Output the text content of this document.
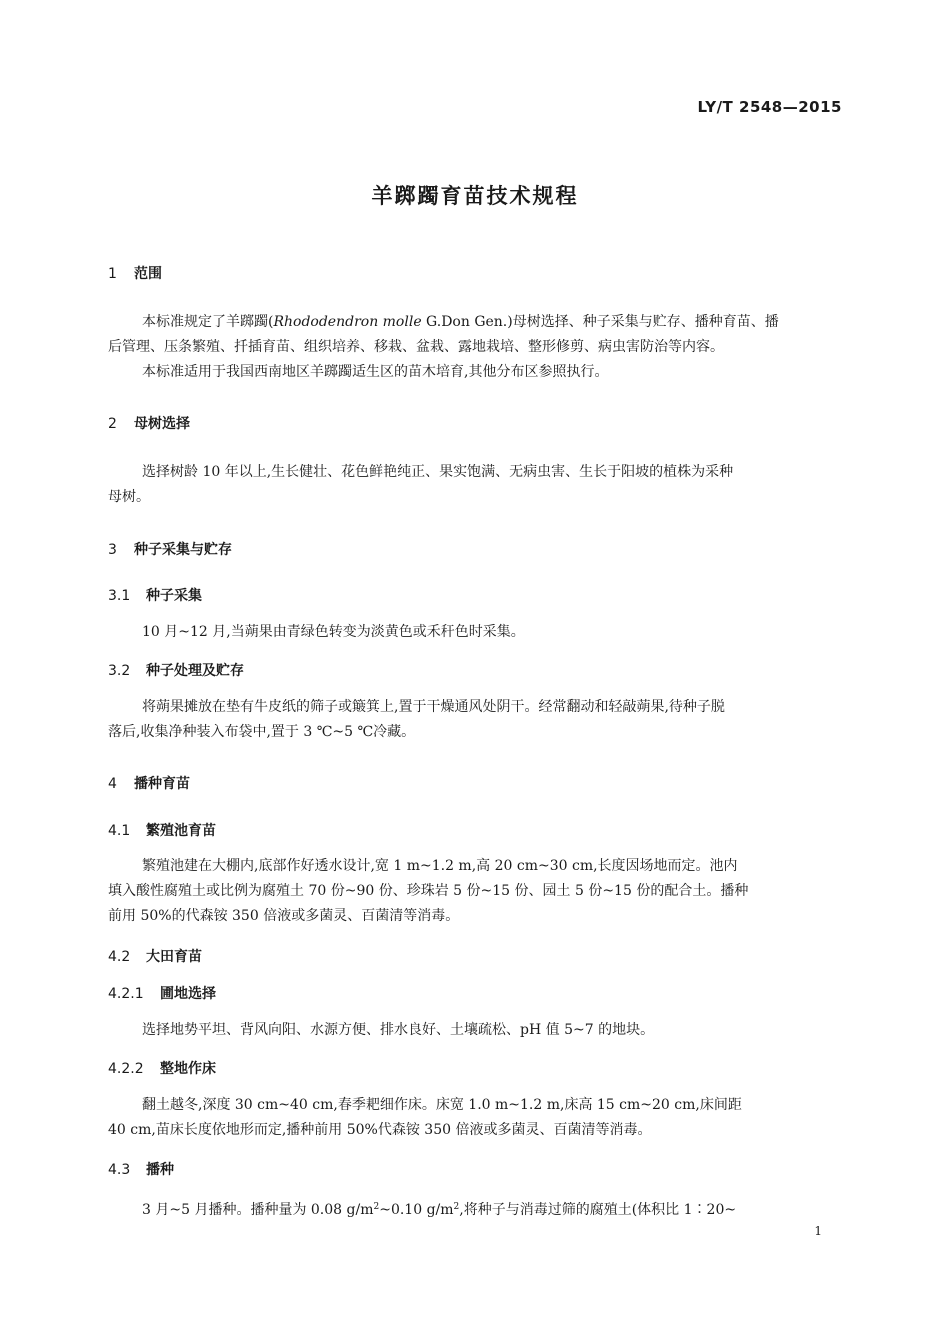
LY/T 2548—2015
羊踯躅育苗技术规程
1 范围
本标准规定了羊踯躅(Rhododendron molle G.Don Gen.)母树选择、种子采集与贮存、播种育苗、播
后管理、压条繁殖、扦插育苗、组织培养、移栽、盆栽、露地栽培、整形修剪、病虫害防治等内容。
本标准适用于我国西南地区羊踯躅适生区的苗木培育,其他分布区参照执行。
2 母树选择
选择树龄 10 年以上,生长健壮、花色鲜艳纯正、果实饱满、无病虫害、生长于阳坡的植株为采种
母树。
3 种子采集与贮存
3.1 种子采集
10 月~12 月,当蒴果由青绿色转变为淡黄色或禾秆色时采集。
3.2 种子处理及贮存
将蒴果摊放在垫有牛皮纸的筛子或簸箕上,置于干燥通风处阴干。经常翻动和轻敲蒴果,待种子脱
落后,收集净种装入布袋中,置于 3 ℃~5 ℃冷藏。
4 播种育苗
4.1 繁殖池育苗
繁殖池建在大棚内,底部作好透水设计,宽 1 m~1.2 m,高 20 cm~30 cm,长度因场地而定。池内
填入酸性腐殖土或比例为腐殖土 70 份~90 份、珍珠岩 5 份~15 份、园土 5 份~15 份的配合土。播种
前用 50%的代森铵 350 倍液或多菌灵、百菌清等消毒。
4.2 大田育苗
4.2.1 圃地选择
选择地势平坦、背风向阳、水源方便、排水良好、土壤疏松、pH 值 5~7 的地块。
4.2.2 整地作床
翻土越冬,深度 30 cm~40 cm,春季耙细作床。床宽 1.0 m~1.2 m,床高 15 cm~20 cm,床间距
40 cm,苗床长度依地形而定,播种前用 50%代森铵 350 倍液或多菌灵、百菌清等消毒。
4.3 播种
3 月~5 月播种。播种量为 0.08 $g/m^2\sim 0.10$ $g/m^2$,将种子与消毒过筛的腐殖土(体积比 1∶20~
1
